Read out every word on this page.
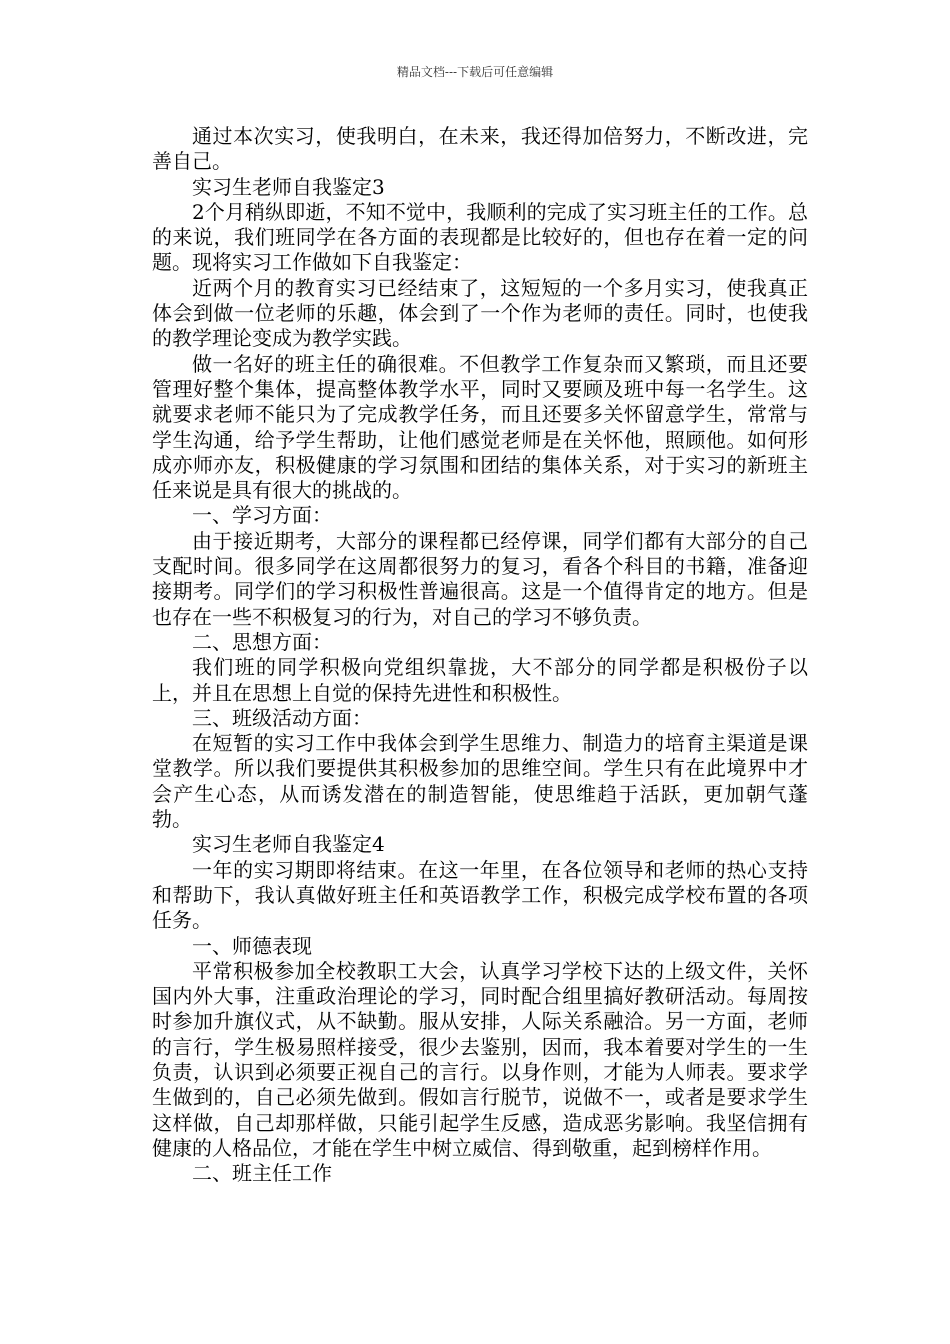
精品文档---下载后可任意编辑

通过本次实习，使我明白，在未来，我还得加倍努力，不断改进，完善自己。

实习生老师自我鉴定3

2个月稍纵即逝，不知不觉中，我顺利的完成了实习班主任的工作。总的来说，我们班同学在各方面的表现都是比较好的，但也存在着一定的问题。现将实习工作做如下自我鉴定：

近两个月的教育实习已经结束了，这短短的一个多月实习，使我真正体会到做一位老师的乐趣，体会到了一个作为老师的责任。同时，也使我的教学理论变成为教学实践。

做一名好的班主任的确很难。不但教学工作复杂而又繁琐，而且还要管理好整个集体，提高整体教学水平，同时又要顾及班中每一名学生。这就要求老师不能只为了完成教学任务，而且还要多关怀留意学生，常常与学生沟通，给予学生帮助，让他们感觉老师是在关怀他，照顾他。如何形成亦师亦友，积极健康的学习氛围和团结的集体关系，对于实习的新班主任来说是具有很大的挑战的。

一、学习方面：

由于接近期考，大部分的课程都已经停课，同学们都有大部分的自己支配时间。很多同学在这周都很努力的复习，看各个科目的书籍，准备迎接期考。同学们的学习积极性普遍很高。这是一个值得肯定的地方。但是也存在一些不积极复习的行为，对自己的学习不够负责。

二、思想方面：

我们班的同学积极向党组织靠拢，大不部分的同学都是积极份子以上，并且在思想上自觉的保持先进性和积极性。

三、班级活动方面：

在短暂的实习工作中我体会到学生思维力、制造力的培育主渠道是课堂教学。所以我们要提供其积极参加的思维空间。学生只有在此境界中才会产生心态，从而诱发潜在的制造智能，使思维趋于活跃，更加朝气蓬勃。

实习生老师自我鉴定4

一年的实习期即将结束。在这一年里，在各位领导和老师的热心支持和帮助下，我认真做好班主任和英语教学工作，积极完成学校布置的各项任务。

一、师德表现

平常积极参加全校教职工大会，认真学习学校下达的上级文件，关怀国内外大事，注重政治理论的学习，同时配合组里搞好教研活动。每周按时参加升旗仪式，从不缺勤。服从安排，人际关系融洽。另一方面，老师的言行，学生极易照样接受，很少去鉴别，因而，我本着要对学生的一生负责，认识到必须要正视自己的言行。以身作则，才能为人师表。要求学生做到的，自己必须先做到。假如言行脱节，说做不一，或者是要求学生这样做，自己却那样做，只能引起学生反感，造成恶劣影响。我坚信拥有健康的人格品位，才能在学生中树立威信、得到敬重，起到榜样作用。

二、班主任工作
